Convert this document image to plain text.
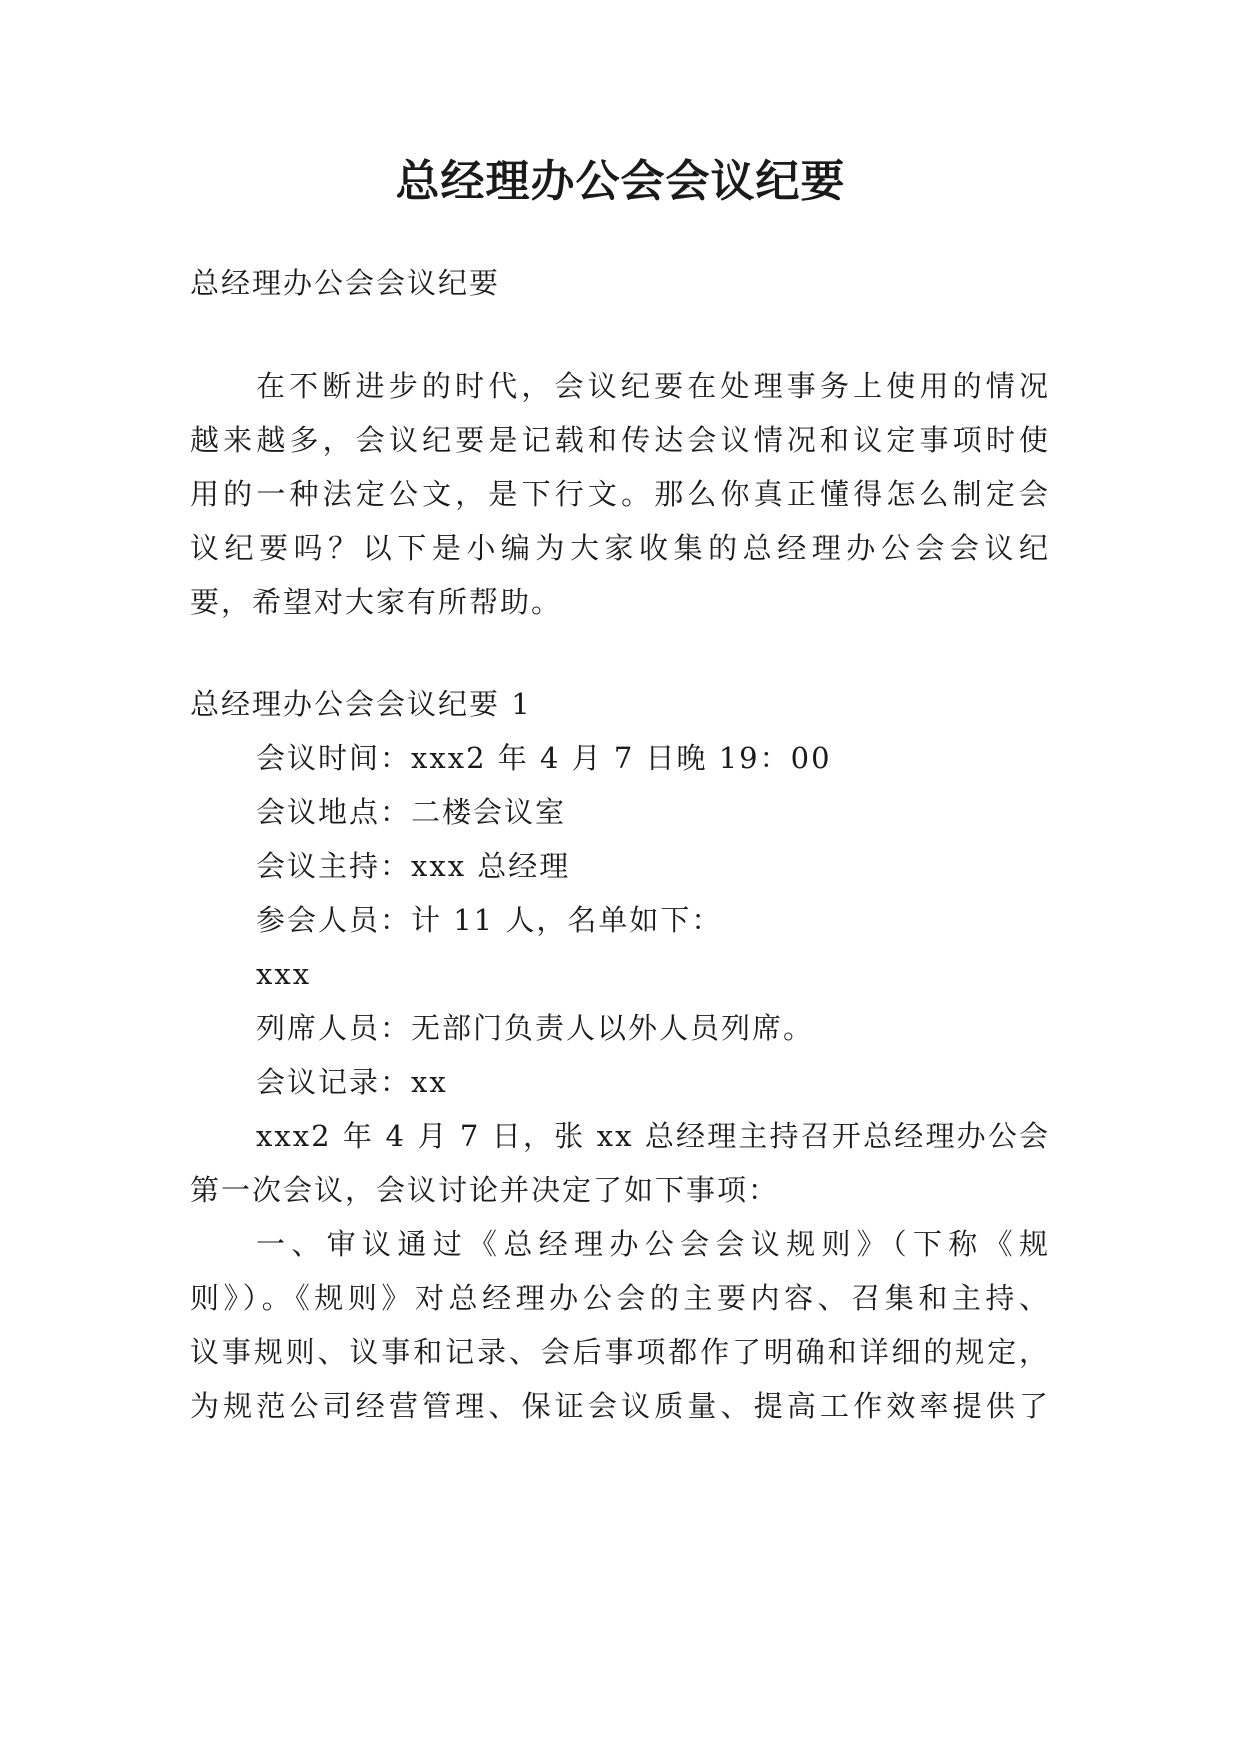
总经理办公会会议纪要

总经理办公会会议纪要

在不断进步的时代，会议纪要在处理事务上使用的情况

越来越多，会议纪要是记载和传达会议情况和议定事项时使

用的一种法定公文，是下行文。那么你真正懂得怎么制定会

议纪要吗？以下是小编为大家收集的总经理办公会会议纪

要，希望对大家有所帮助。

总经理办公会会议纪要 1

会议时间：xxx2 年 4 月 7 日晚 19：00

会议地点：二楼会议室

会议主持：xxx 总经理

参会人员：计 11 人，名单如下：

xxx

列席人员：无部门负责人以外人员列席。

会议记录：xx

xxx2 年 4 月 7 日，张 xx 总经理主持召开总经理办公会

第一次会议，会议讨论并决定了如下事项：

一、审议通过《总经理办公会会议规则》（下称《规

则》）。《规则》对总经理办公会的主要内容、召集和主持、

议事规则、议事和记录、会后事项都作了明确和详细的规定，

为规范公司经营管理、保证会议质量、提高工作效率提供了
